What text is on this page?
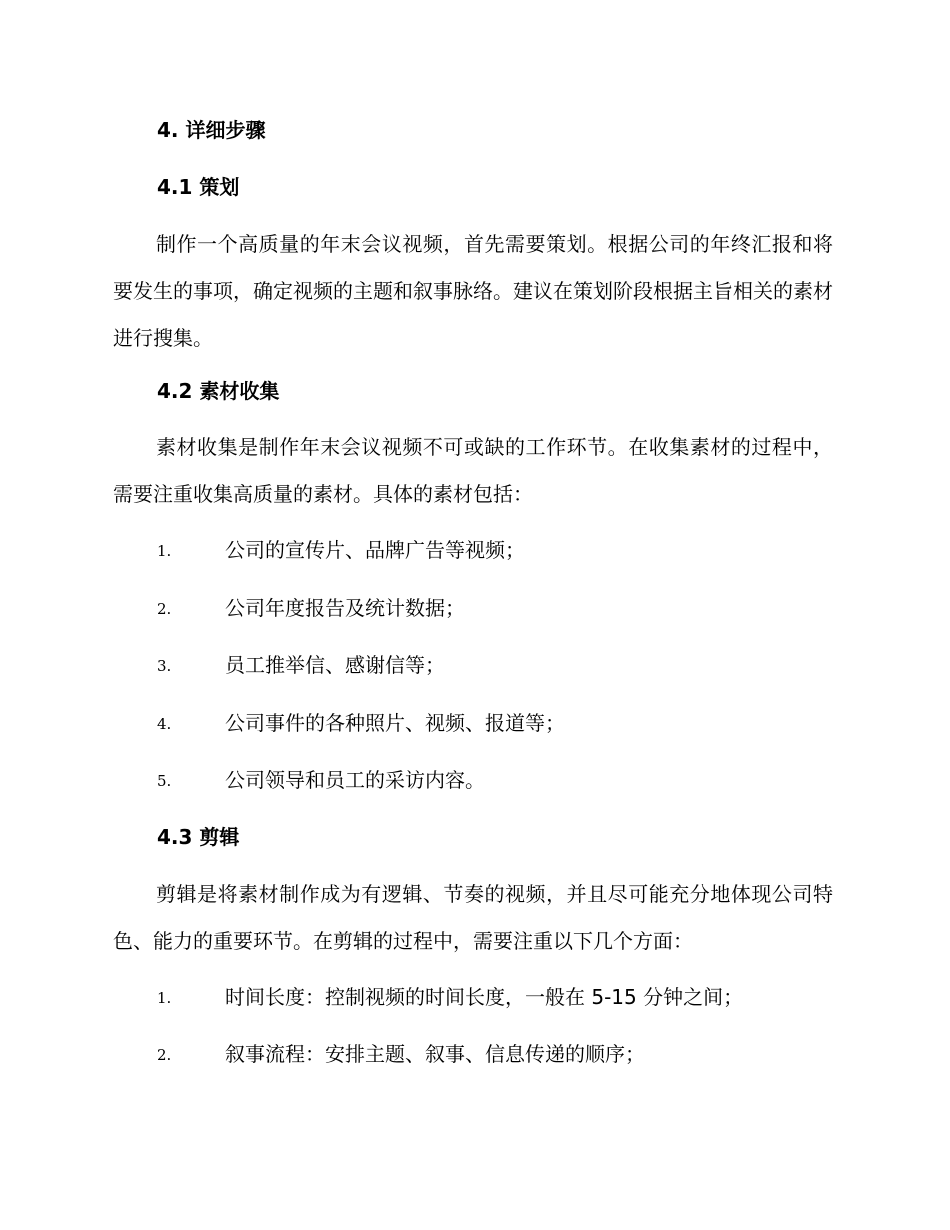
4. 详细步骤
4.1 策划

制作一个高质量的年末会议视频，首先需要策划。根据公司的年终汇报和将要发生的事项，确定视频的主题和叙事脉络。建议在策划阶段根据主旨相关的素材进行搜集。

4.2 素材收集

素材收集是制作年末会议视频不可或缺的工作环节。在收集素材的过程中，需要注重收集高质量的素材。具体的素材包括：

1.	公司的宣传片、品牌广告等视频；
2.	公司年度报告及统计数据；
3.	员工推举信、感谢信等；
4.	公司事件的各种照片、视频、报道等；
5.	公司领导和员工的采访内容。
4.3 剪辑

剪辑是将素材制作成为有逻辑、节奏的视频，并且尽可能充分地体现公司特色、能力的重要环节。在剪辑的过程中，需要注重以下几个方面：

1.	时间长度：控制视频的时间长度，一般在 5-15 分钟之间；
2.	叙事流程：安排主题、叙事、信息传递的顺序；
